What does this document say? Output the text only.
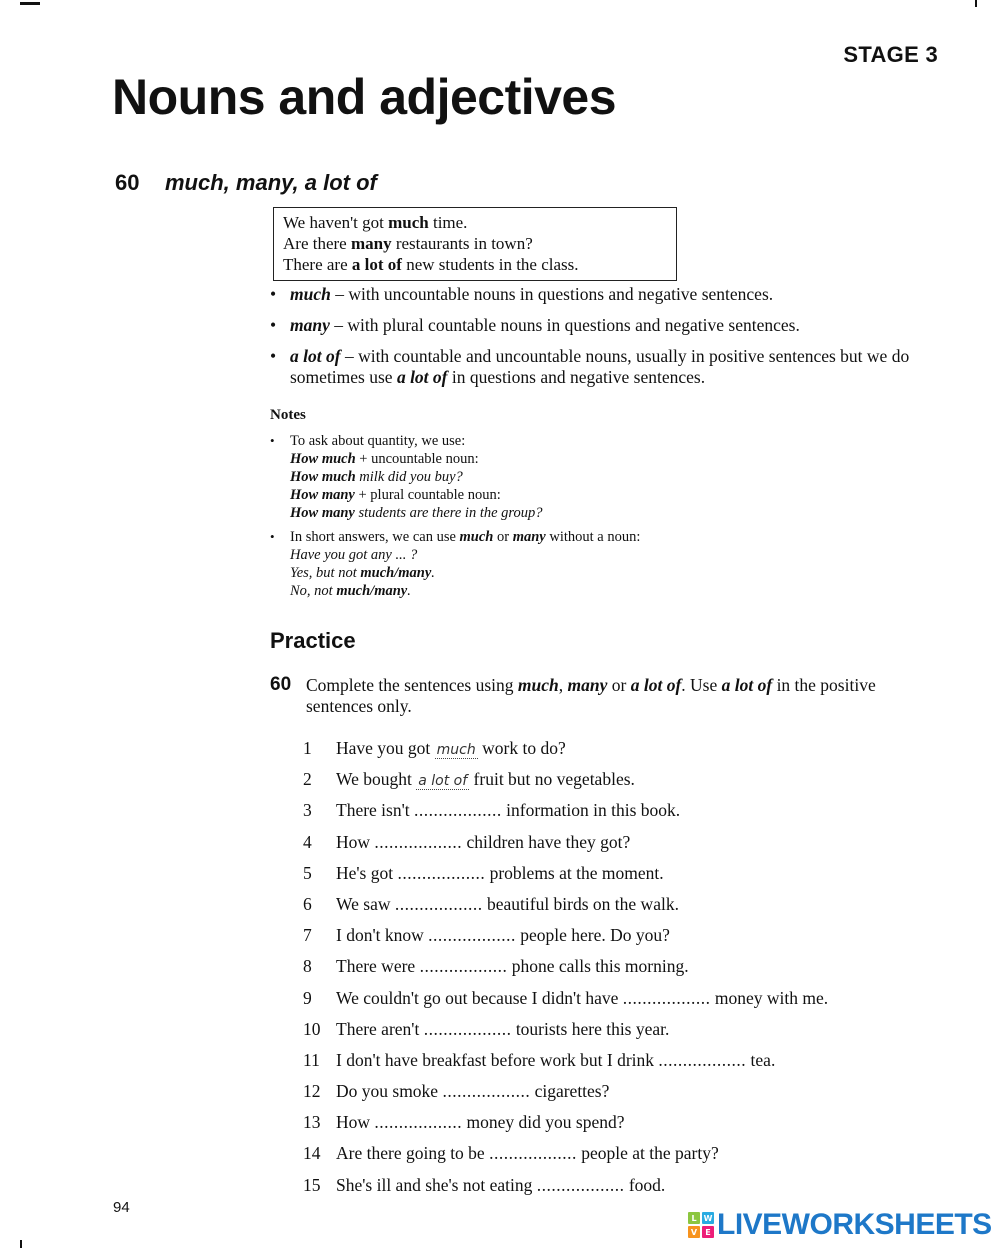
STAGE 3
Nouns and adjectives
60 much, many, a lot of
We haven't got much time.
Are there many restaurants in town?
There are a lot of new students in the class.
• much – with uncountable nouns in questions and negative sentences.
• many – with plural countable nouns in questions and negative sentences.
• a lot of – with countable and uncountable nouns, usually in positive sentences but we do sometimes use a lot of in questions and negative sentences.
Notes
• To ask about quantity, we use:
How much + uncountable noun:
How much milk did you buy?
How many + plural countable noun:
How many students are there in the group?
• In short answers, we can use much or many without a noun:
Have you got any ... ?
Yes, but not much/many.
No, not much/many.
Practice
60 Complete the sentences using much, many or a lot of. Use a lot of in the positive sentences only.
1 Have you got much work to do?
2 We bought a lot of fruit but no vegetables.
3 There isn't .................. information in this book.
4 How .................. children have they got?
5 He's got .................. problems at the moment.
6 We saw .................. beautiful birds on the walk.
7 I don't know .................. people here. Do you?
8 There were .................. phone calls this morning.
9 We couldn't go out because I didn't have .................. money with me.
10 There aren't .................. tourists here this year.
11 I don't have breakfast before work but I drink .................. tea.
12 Do you smoke .................. cigarettes?
13 How .................. money did you spend?
14 Are there going to be .................. people at the party?
15 She's ill and she's not eating .................. food.
94
L W
V	E LIVEWORKSHEETS
